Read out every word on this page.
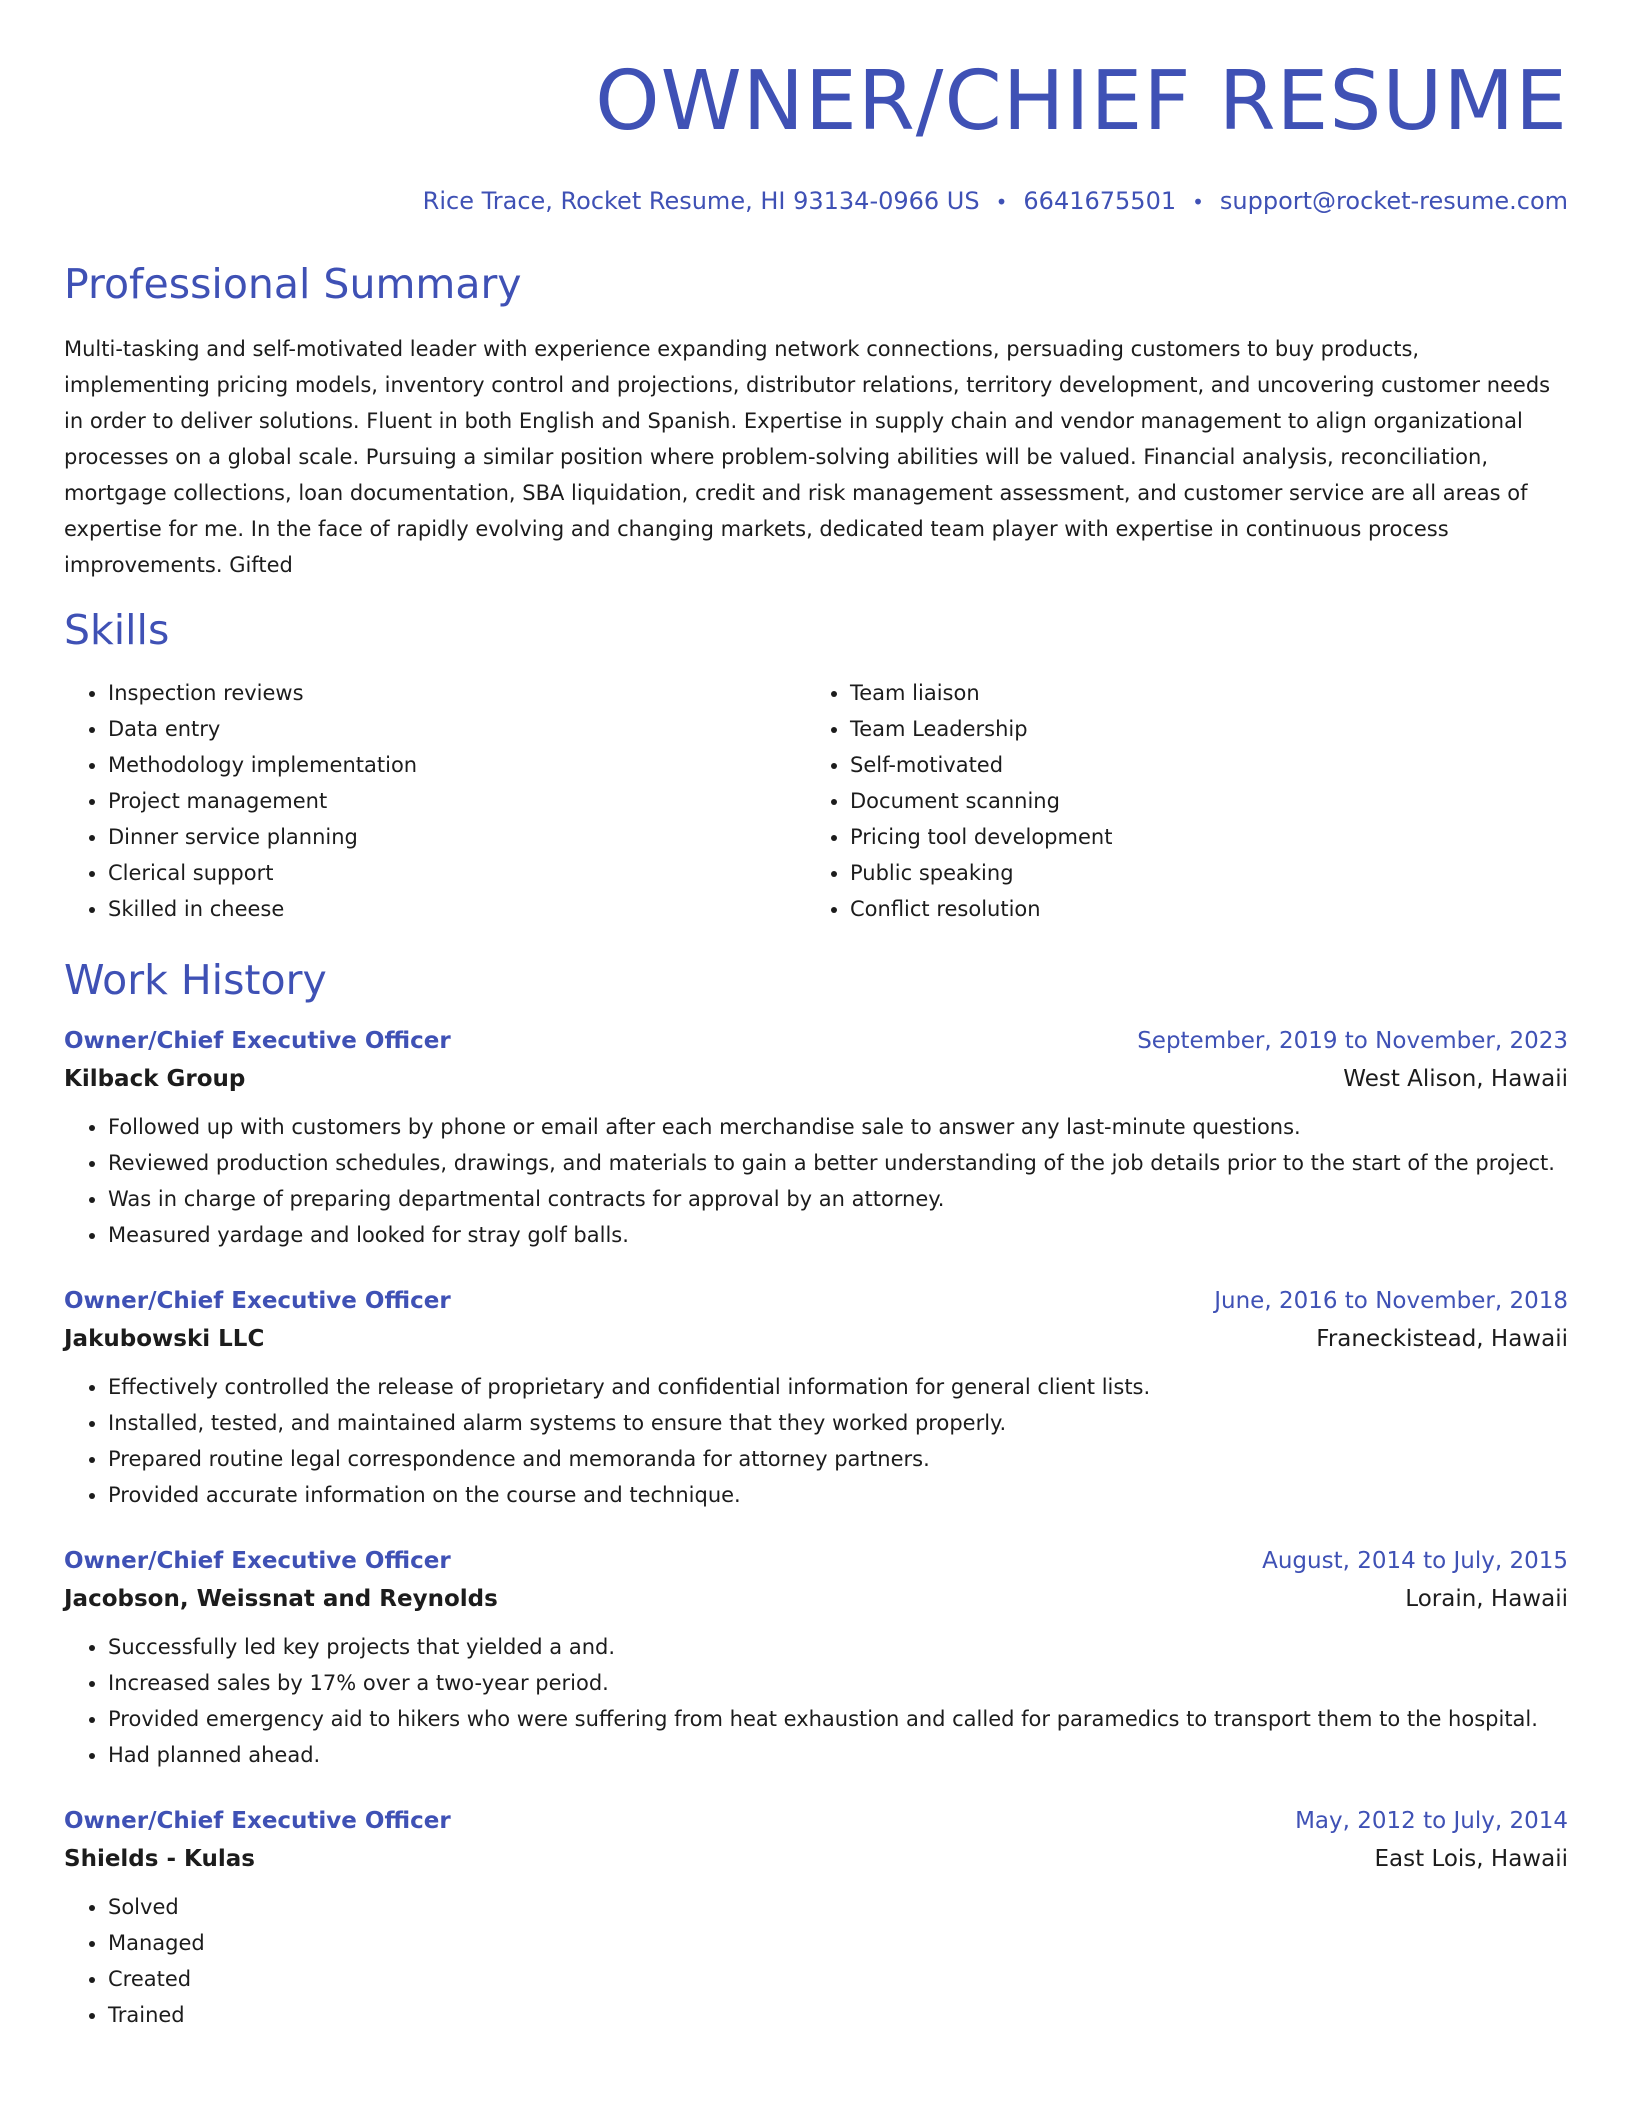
OWNER/CHIEF RESUME
Rice Trace, Rocket Resume, HI 93134-0966 US • 6641675501 • support@rocket-resume.com
Professional Summary
Multi-tasking and self-motivated leader with experience expanding network connections, persuading customers to buy products, implementing pricing models, inventory control and projections, distributor relations, territory development, and uncovering customer needs in order to deliver solutions. Fluent in both English and Spanish. Expertise in supply chain and vendor management to align organizational processes on a global scale. Pursuing a similar position where problem-solving abilities will be valued. Financial analysis, reconciliation, mortgage collections, loan documentation, SBA liquidation, credit and risk management assessment, and customer service are all areas of expertise for me. In the face of rapidly evolving and changing markets, dedicated team player with expertise in continuous process improvements. Gifted
Skills
• Inspection reviews
• Data entry
• Methodology implementation
• Project management
• Dinner service planning
• Clerical support
• Skilled in cheese
• Team liaison
• Team Leadership
• Self-motivated
• Document scanning
• Pricing tool development
• Public speaking
• Conflict resolution
Work History
Owner/Chief Executive Officer	September, 2019 to November, 2023
Kilback Group	West Alison, Hawaii
• Followed up with customers by phone or email after each merchandise sale to answer any last-minute questions.
• Reviewed production schedules, drawings, and materials to gain a better understanding of the job details prior to the start of the project.
• Was in charge of preparing departmental contracts for approval by an attorney.
• Measured yardage and looked for stray golf balls.
Owner/Chief Executive Officer	June, 2016 to November, 2018
Jakubowski LLC	Franeckistead, Hawaii
• Effectively controlled the release of proprietary and confidential information for general client lists.
• Installed, tested, and maintained alarm systems to ensure that they worked properly.
• Prepared routine legal correspondence and memoranda for attorney partners.
• Provided accurate information on the course and technique.
Owner/Chief Executive Officer	August, 2014 to July, 2015
Jacobson, Weissnat and Reynolds	Lorain, Hawaii
• Successfully led key projects that yielded a and.
• Increased sales by 17% over a two-year period.
• Provided emergency aid to hikers who were suffering from heat exhaustion and called for paramedics to transport them to the hospital.
• Had planned ahead.
Owner/Chief Executive Officer	May, 2012 to July, 2014
Shields - Kulas	East Lois, Hawaii
• Solved
• Managed
• Created
• Trained
